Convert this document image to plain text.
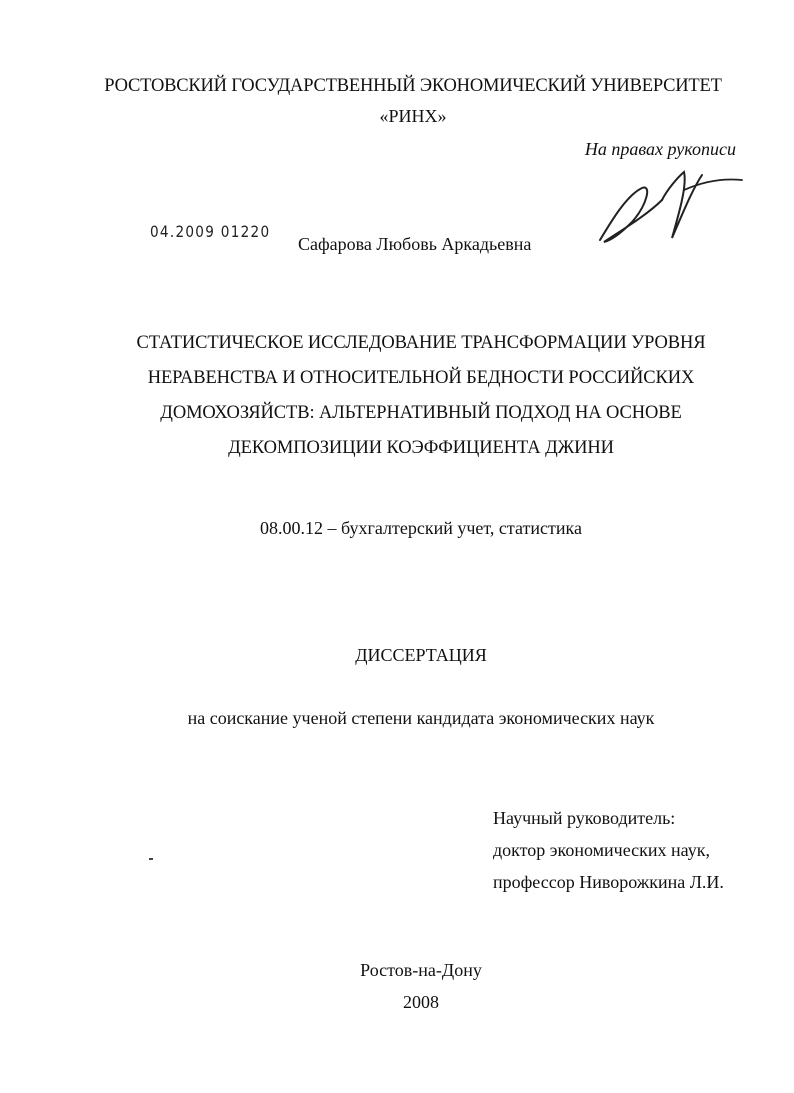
РОСТОВСКИЙ ГОСУДАРСТВЕННЫЙ ЭКОНОМИЧЕСКИЙ УНИВЕРСИТЕТ
«РИНХ»
На правах рукописи
04.2009 01220
Сафарова Любовь Аркадьевна
СТАТИСТИЧЕСКОЕ ИССЛЕДОВАНИЕ ТРАНСФОРМАЦИИ УРОВНЯ
НЕРАВЕНСТВА И ОТНОСИТЕЛЬНОЙ БЕДНОСТИ РОССИЙСКИХ
ДОМОХОЗЯЙСТВ: АЛЬТЕРНАТИВНЫЙ ПОДХОД НА ОСНОВЕ
ДЕКОМПОЗИЦИИ КОЭФФИЦИЕНТА ДЖИНИ
08.00.12 – бухгалтерский учет, статистика
ДИССЕРТАЦИЯ
на соискание ученой степени кандидата экономических наук
Научный руководитель:
доктор экономических наук,
профессор Ниворожкина Л.И.
Ростов-на-Дону
2008
